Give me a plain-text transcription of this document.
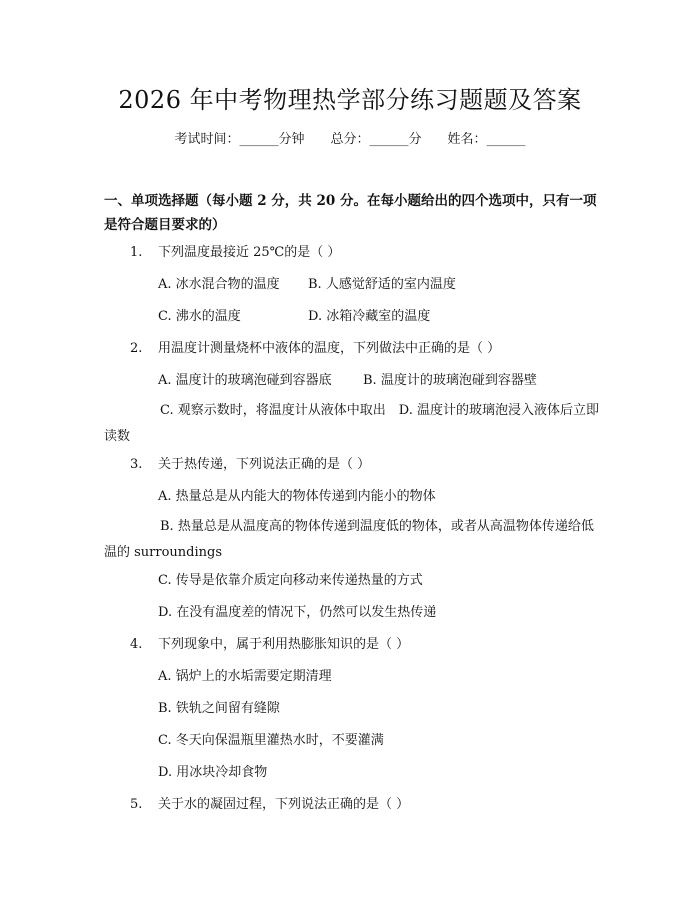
2026 年中考物理热学部分练习题题及答案
考试时间：______分钟 总分：______分 姓名：______
一、单项选择题（每小题 2 分，共 20 分。在每小题给出的四个选项中，只有一项是符合题目要求的）
1. 下列温度最接近 25℃的是（ ）
A. 冰水混合物的温度 B. 人感觉舒适的室内温度
C. 沸水的温度	D. 冰箱冷藏室的温度
2. 用温度计测量烧杯中液体的温度，下列做法中正确的是（ ）
A. 温度计的玻璃泡碰到容器底 B. 温度计的玻璃泡碰到容器壁
C. 观察示数时，将温度计从液体中取出　D. 温度计的玻璃泡浸入液体后立即读数
3. 关于热传递，下列说法正确的是（ ）
A. 热量总是从内能大的物体传递到内能小的物体
B. 热量总是从温度高的物体传递到温度低的物体，或者从高温物体传递给低温的 surroundings
C. 传导是依靠介质定向移动来传递热量的方式
D. 在没有温度差的情况下，仍然可以发生热传递
4. 下列现象中，属于利用热膨胀知识的是（ ）
A. 锅炉上的水垢需要定期清理
B. 铁轨之间留有缝隙
C. 冬天向保温瓶里灌热水时，不要灌满
D. 用冰块冷却食物
5. 关于水的凝固过程，下列说法正确的是（ ）
